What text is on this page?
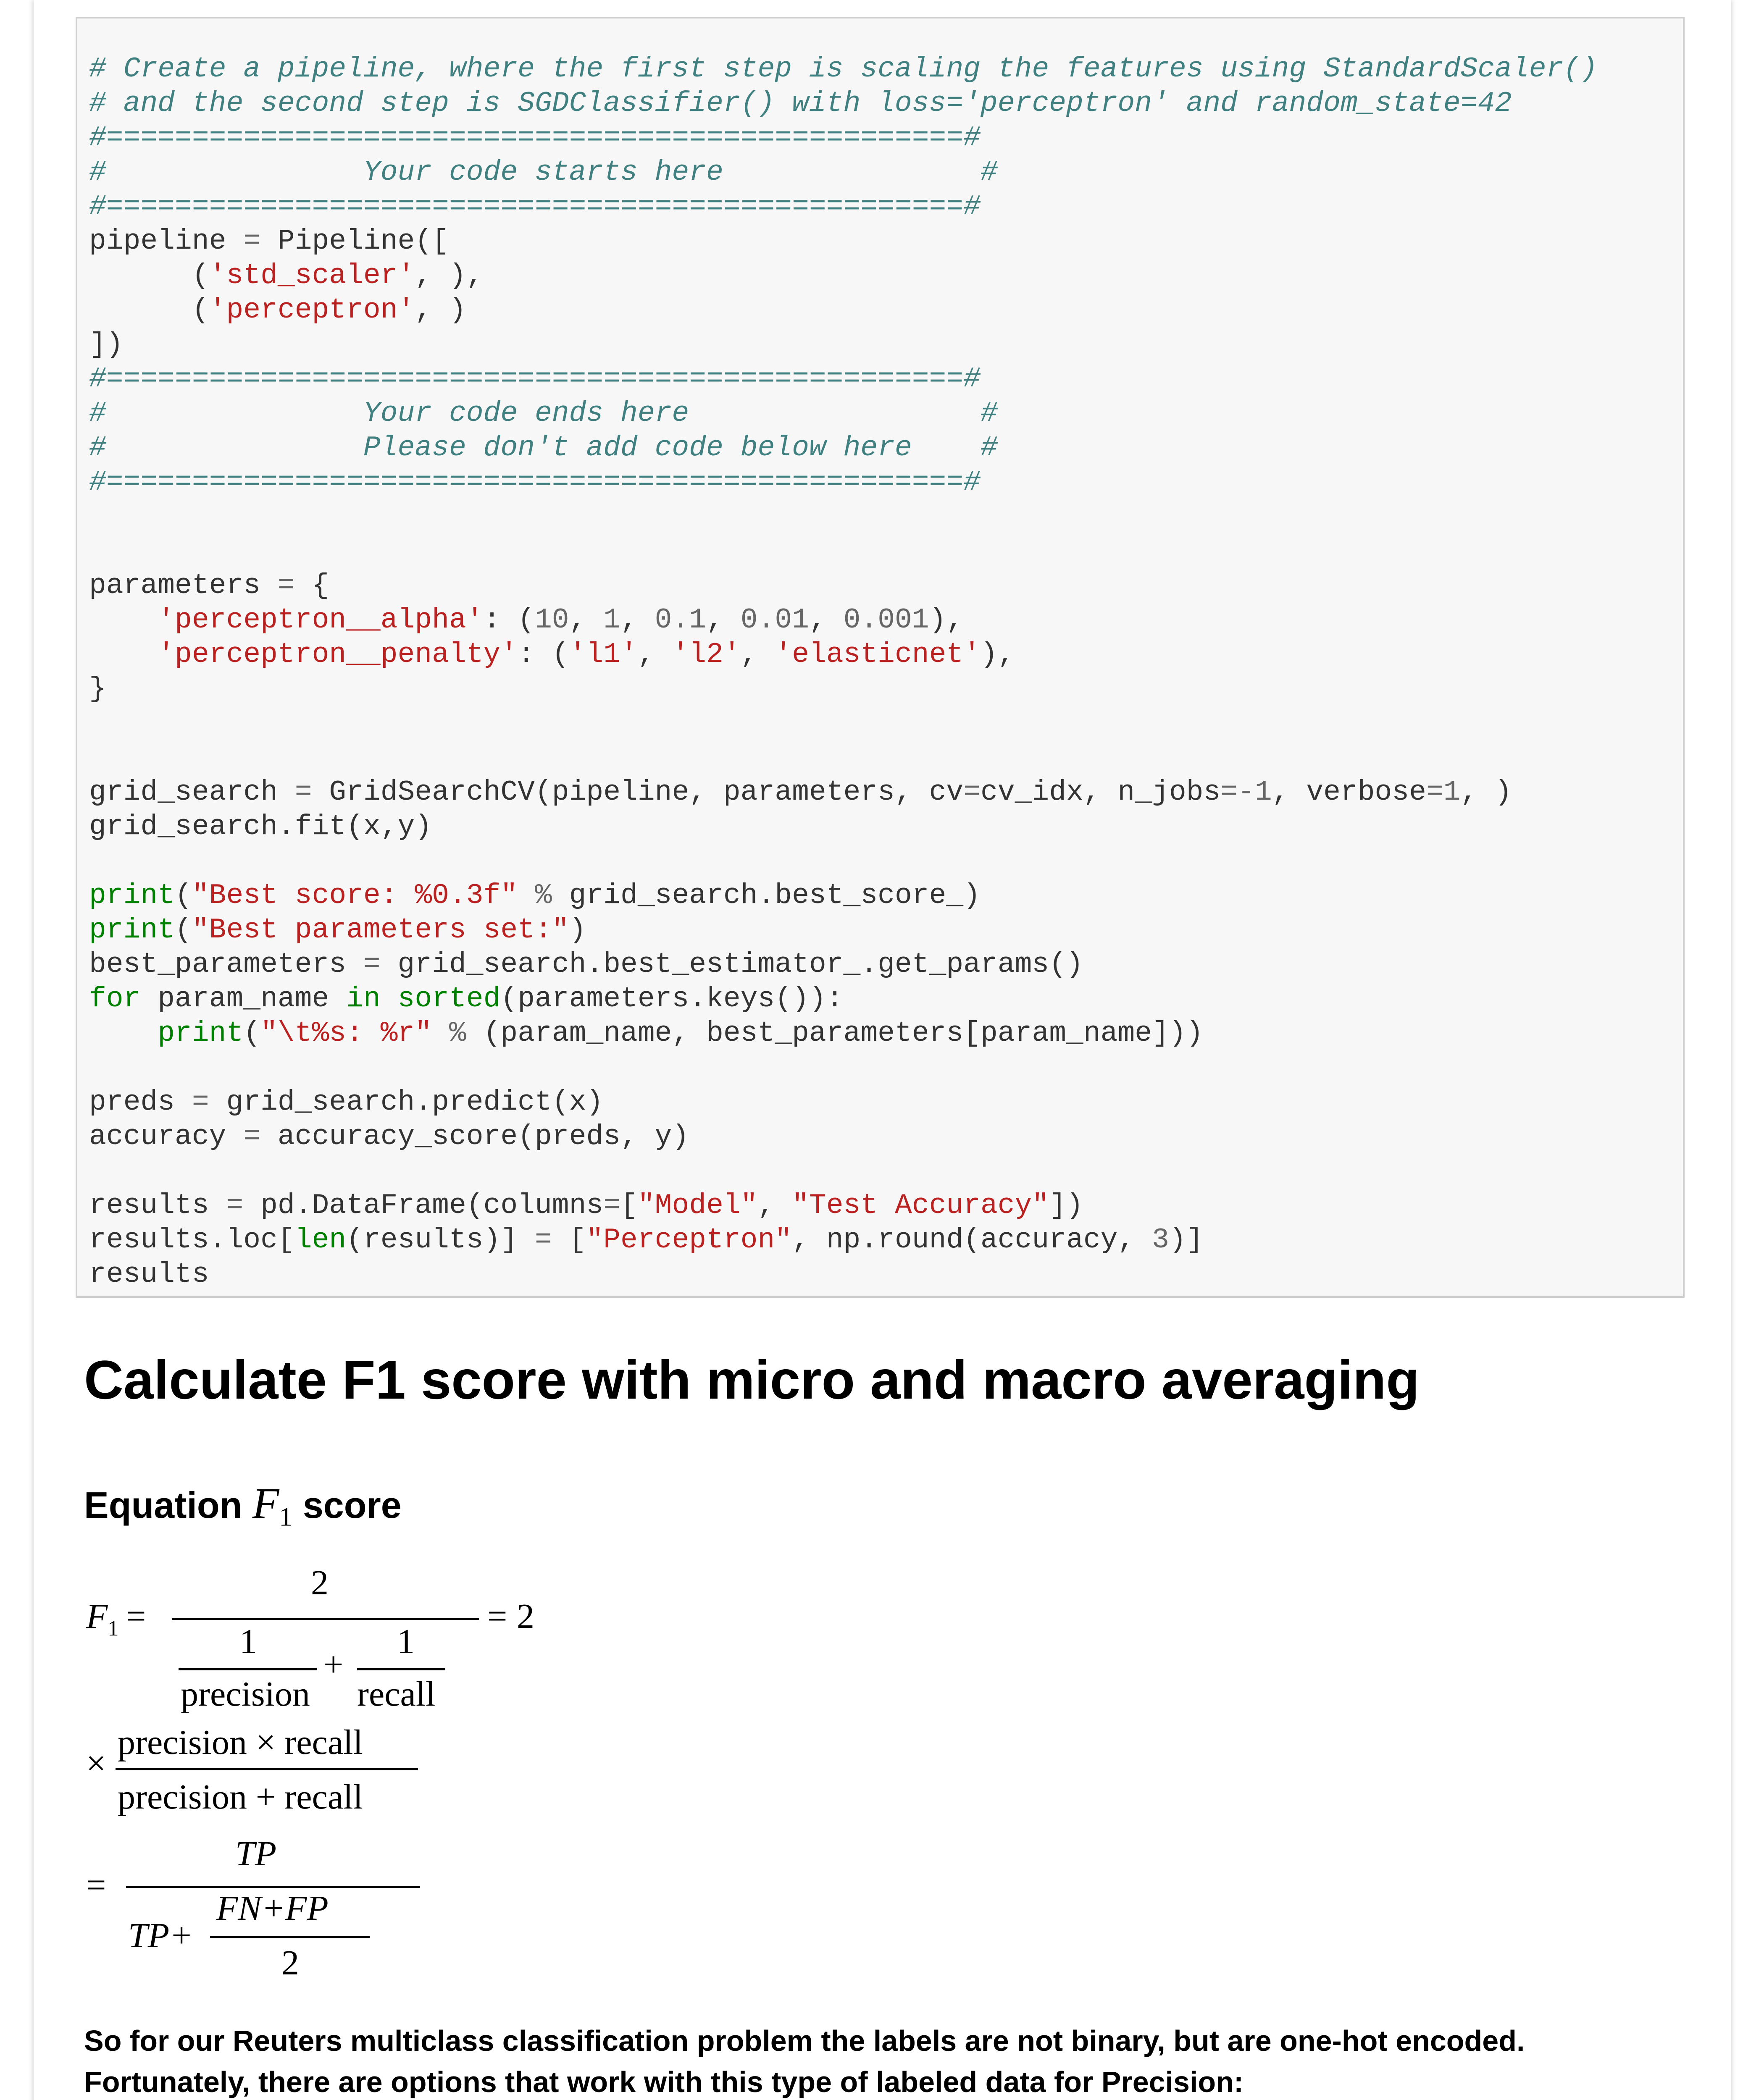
# Create a pipeline, where the first step is scaling the features using StandardScaler()
# and the second step is SGDClassifier() with loss='perceptron' and random_state=42
#==================================================#
#               Your code starts here               #
#==================================================#
pipeline = Pipeline([
('std_scaler', ),
('perceptron', )
])
#==================================================#
#               Your code ends here                 #
#               Please don't add code below here    #
#==================================================#

parameters = {
'perceptron__alpha': (10, 1, 0.1, 0.01, 0.001),
'perceptron__penalty': ('l1', 'l2', 'elasticnet'),
}

grid_search = GridSearchCV(pipeline, parameters, cv=cv_idx, n_jobs=-1, verbose=1, )
grid_search.fit(x,y)

print("Best score: %0.3f" % grid_search.best_score_)
print("Best parameters set:")
best_parameters = grid_search.best_estimator_.get_params()
for param_name in sorted(parameters.keys()):
print("\t%s: %r" % (param_name, best_parameters[param_name]))

preds = grid_search.predict(x)
accuracy = accuracy_score(preds, y)

results = pd.DataFrame(columns=["Model", "Test Accuracy"])
results.loc[len(results)] = ["Perceptron", np.round(accuracy, 3)]
results
Calculate F1 score with micro and macro averaging
Equation $F_1$ score
$F_1$ =
2
1
precision
+
1
recall
= 2
×
precision × recall
precision + recall
=
TP
TP+
FN+FP
2

So for our Reuters multiclass classification problem the labels are not binary, but are one-hot encoded. Fortunately, there are options that work with this type of labeled data for Precision:
